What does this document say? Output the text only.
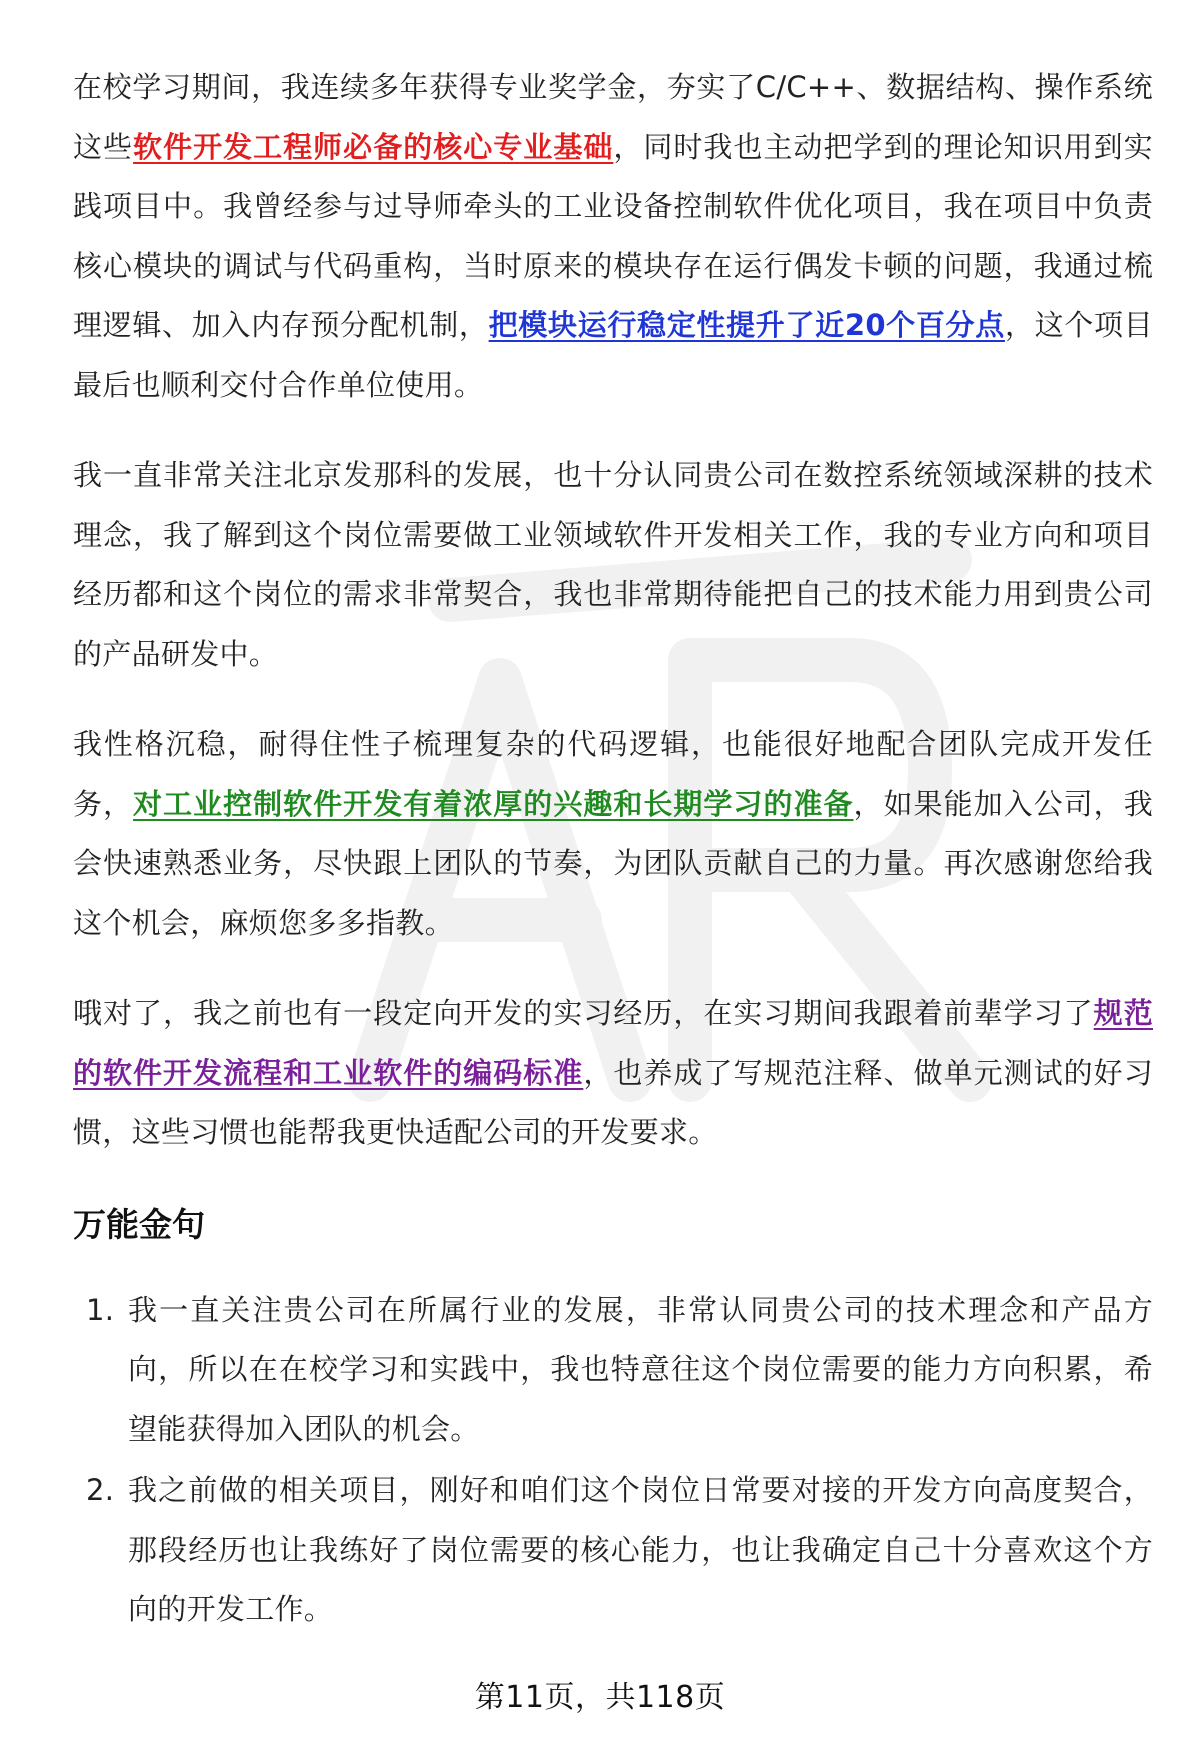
在校学习期间，我连续多年获得专业奖学金，夯实了C/C++、数据结构、操作系统这些软件开发工程师必备的核心专业基础，同时我也主动把学到的理论知识用到实践项目中。我曾经参与过导师牵头的工业设备控制软件优化项目，我在项目中负责核心模块的调试与代码重构，当时原来的模块存在运行偶发卡顿的问题，我通过梳理逻辑、加入内存预分配机制，把模块运行稳定性提升了近20个百分点，这个项目最后也顺利交付合作单位使用。

我一直非常关注北京发那科的发展，也十分认同贵公司在数控系统领域深耕的技术理念，我了解到这个岗位需要做工业领域软件开发相关工作，我的专业方向和项目经历都和这个岗位的需求非常契合，我也非常期待能把自己的技术能力用到贵公司的产品研发中。

我性格沉稳，耐得住性子梳理复杂的代码逻辑，也能很好地配合团队完成开发任务，对工业控制软件开发有着浓厚的兴趣和长期学习的准备，如果能加入公司，我会快速熟悉业务，尽快跟上团队的节奏，为团队贡献自己的力量。再次感谢您给我这个机会，麻烦您多多指教。

哦对了，我之前也有一段定向开发的实习经历，在实习期间我跟着前辈学习了规范的软件开发流程和工业软件的编码标准，也养成了写规范注释、做单元测试的好习惯，这些习惯也能帮我更快适配公司的开发要求。

万能金句
1. 我一直关注贵公司在所属行业的发展，非常认同贵公司的技术理念和产品方向，所以在在校学习和实践中，我也特意往这个岗位需要的能力方向积累，希望能获得加入团队的机会。
2. 我之前做的相关项目，刚好和咱们这个岗位日常要对接的开发方向高度契合，那段经历也让我练好了岗位需要的核心能力，也让我确定自己十分喜欢这个方向的开发工作。
第11页，共118页
